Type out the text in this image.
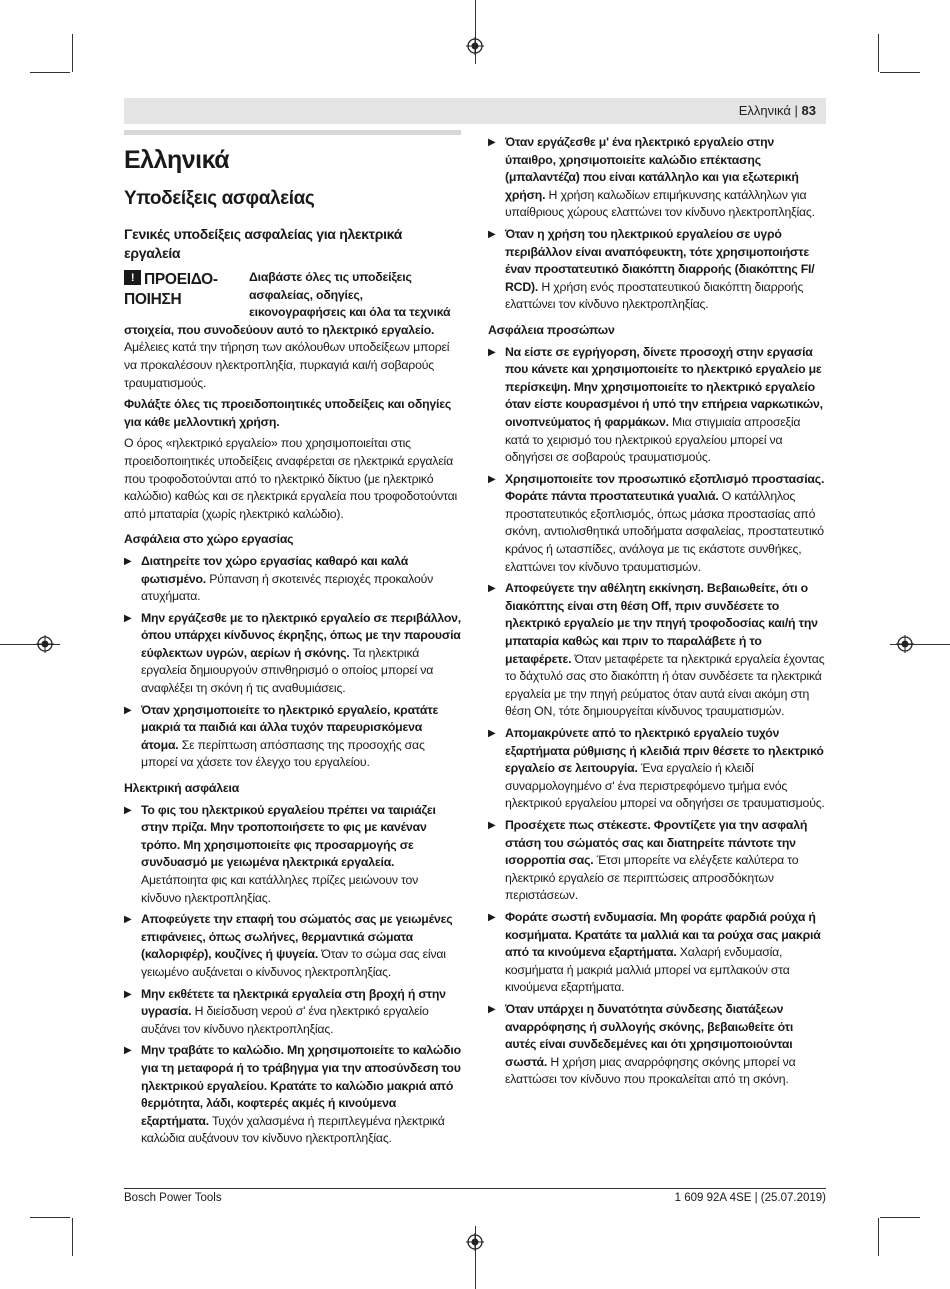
Ελληνικά | 83
Ελληνικά
Υποδείξεις ασφαλείας
Γενικές υποδείξεις ασφαλείας για ηλεκτρικά εργαλεία
! ΠΡΟΕΙΔΟ-ΠΟΙΗΣΗ

Διαβάστε όλες τις υποδείξεις ασφαλείας, οδηγίες, εικονογραφήσεις και όλα τα τεχνικά στοιχεία, που συνοδεύουν αυτό το ηλεκτρικό εργαλείο. Αμέλειες κατά την τήρηση των ακόλουθων υποδείξεων μπορεί να προκαλέσουν ηλεκτροπληξία, πυρκαγιά και/ή σοβαρούς τραυματισμούς.

Φυλάξτε όλες τις προειδοποιητικές υποδείξεις και οδηγίες για κάθε μελλοντική χρήση.

Ο όρος «ηλεκτρικό εργαλείο» που χρησιμοποιείται στις προειδοποιητικές υποδείξεις αναφέρεται σε ηλεκτρικά εργαλεία που τροφοδοτούνται από το ηλεκτρικό δίκτυο (με ηλεκτρικό καλώδιο) καθώς και σε ηλεκτρικά εργαλεία που τροφοδοτούνται από μπαταρία (χωρίς ηλεκτρικό καλώδιο).

Ασφάλεια στο χώρο εργασίας
▶ Διατηρείτε τον χώρο εργασίας καθαρό και καλά φωτισμένο. Ρύπανση ή σκοτεινές περιοχές προκαλούν ατυχήματα.
▶ Μην εργάζεσθε με το ηλεκτρικό εργαλείο σε περιβάλλον, όπου υπάρχει κίνδυνος έκρηξης, όπως με την παρουσία εύφλεκτων υγρών, αερίων ή σκόνης. Τα ηλεκτρικά εργαλεία δημιουργούν σπινθηρισμό ο οποίος μπορεί να αναφλέξει τη σκόνη ή τις αναθυμιάσεις.
▶ Όταν χρησιμοποιείτε το ηλεκτρικό εργαλείο, κρατάτε μακριά τα παιδιά και άλλα τυχόν παρευρισκόμενα άτομα. Σε περίπτωση απόσπασης της προσοχής σας μπορεί να χάσετε τον έλεγχο του εργαλείου.
Ηλεκτρική ασφάλεια
▶ Το φις του ηλεκτρικού εργαλείου πρέπει να ταιριάζει στην πρίζα. Μην τροποποιήσετε το φις με κανέναν τρόπο. Μη χρησιμοποιείτε φις προσαρμογής σε συνδυασμό με γειωμένα ηλεκτρικά εργαλεία. Αμετάποιητα φις και κατάλληλες πρίζες μειώνουν τον κίνδυνο ηλεκτροπληξίας.
▶ Αποφεύγετε την επαφή του σώματός σας με γειωμένες επιφάνειες, όπως σωλήνες, θερμαντικά σώματα (καλοριφέρ), κουζίνες ή ψυγεία. Όταν το σώμα σας είναι γειωμένο αυξάνεται ο κίνδυνος ηλεκτροπληξίας.
▶ Μην εκθέτετε τα ηλεκτρικά εργαλεία στη βροχή ή στην υγρασία. Η διείσδυση νερού σ' ένα ηλεκτρικό εργαλείο αυξάνει τον κίνδυνο ηλεκτροπληξίας.
▶ Μην τραβάτε το καλώδιο. Μη χρησιμοποιείτε το καλώδιο για τη μεταφορά ή το τράβηγμα για την αποσύνδεση του ηλεκτρικού εργαλείου. Κρατάτε το καλώδιο μακριά από θερμότητα, λάδι, κοφτερές ακμές ή κινούμενα εξαρτήματα. Τυχόν χαλασμένα ή περιπλεγμένα ηλεκτρικά καλώδια αυξάνουν τον κίνδυνο ηλεκτροπληξίας.
▶ Όταν εργάζεσθε μ' ένα ηλεκτρικό εργαλείο στην ύπαιθρο, χρησιμοποιείτε καλώδιο επέκτασης (μπαλαντέζα) που είναι κατάλληλο και για εξωτερική χρήση. Η χρήση καλωδίων επιμήκυνσης κατάλληλων για υπαίθριους χώρους ελαττώνει τον κίνδυνο ηλεκτροπληξίας.
▶ Όταν η χρήση του ηλεκτρικού εργαλείου σε υγρό περιβάλλον είναι αναπόφευκτη, τότε χρησιμοποιήστε έναν προστατευτικό διακόπτη διαρροής (διακόπτης FI/ RCD). Η χρήση ενός προστατευτικού διακόπτη διαρροής ελαττώνει τον κίνδυνο ηλεκτροπληξίας.
Ασφάλεια προσώπων
▶ Να είστε σε εγρήγορση, δίνετε προσοχή στην εργασία που κάνετε και χρησιμοποιείτε το ηλεκτρικό εργαλείο με περίσκεψη. Μην χρησιμοποιείτε το ηλεκτρικό εργαλείο όταν είστε κουρασμένοι ή υπό την επήρεια ναρκωτικών, οινοπνεύματος ή φαρμάκων. Μια στιγμιαία απροσεξία κατά το χειρισμό του ηλεκτρικού εργαλείου μπορεί να οδηγήσει σε σοβαρούς τραυματισμούς.
▶ Χρησιμοποιείτε τον προσωπικό εξοπλισμό προστασίας. Φοράτε πάντα προστατευτικά γυαλιά. Ο κατάλληλος προστατευτικός εξοπλισμός, όπως μάσκα προστασίας από σκόνη, αντιολισθητικά υποδήματα ασφαλείας, προστατευτικό κράνος ή ωτασπίδες, ανάλογα με τις εκάστοτε συνθήκες, ελαττώνει τον κίνδυνο τραυματισμών.
▶ Αποφεύγετε την αθέλητη εκκίνηση. Βεβαιωθείτε, ότι ο διακόπτης είναι στη θέση Off, πριν συνδέσετε το ηλεκτρικό εργαλείο με την πηγή τροφοδοσίας και/ή την μπαταρία καθώς και πριν το παραλάβετε ή το μεταφέρετε. Όταν μεταφέρετε τα ηλεκτρικά εργαλεία έχοντας το δάχτυλό σας στο διακόπτη ή όταν συνδέσετε τα ηλεκτρικά εργαλεία με την πηγή ρεύματος όταν αυτά είναι ακόμη στη θέση ΟΝ, τότε δημιουργείται κίνδυνος τραυματισμών.
▶ Απομακρύνετε από το ηλεκτρικό εργαλείο τυχόν εξαρτήματα ρύθμισης ή κλειδιά πριν θέσετε το ηλεκτρικό εργαλείο σε λειτουργία. Ένα εργαλείο ή κλειδί συναρμολογημένο σ' ένα περιστρεφόμενο τμήμα ενός ηλεκτρικού εργαλείου μπορεί να οδηγήσει σε τραυματισμούς.
▶ Προσέχετε πως στέκεστε. Φροντίζετε για την ασφαλή στάση του σώματός σας και διατηρείτε πάντοτε την ισορροπία σας. Έτσι μπορείτε να ελέγξετε καλύτερα το ηλεκτρικό εργαλείο σε περιπτώσεις απροσδόκητων περιστάσεων.
▶ Φοράτε σωστή ενδυμασία. Μη φοράτε φαρδιά ρούχα ή κοσμήματα. Κρατάτε τα μαλλιά και τα ρούχα σας μακριά από τα κινούμενα εξαρτήματα. Χαλαρή ενδυμασία, κοσμήματα ή μακριά μαλλιά μπορεί να εμπλακούν στα κινούμενα εξαρτήματα.
▶ Όταν υπάρχει η δυνατότητα σύνδεσης διατάξεων αναρρόφησης ή συλλογής σκόνης, βεβαιωθείτε ότι αυτές είναι συνδεδεμένες και ότι χρησιμοποιούνται σωστά. Η χρήση μιας αναρρόφησης σκόνης μπορεί να ελαττώσει τον κίνδυνο που προκαλείται από τη σκόνη.
Bosch Power Tools	1 609 92A 4SE | (25.07.2019)
